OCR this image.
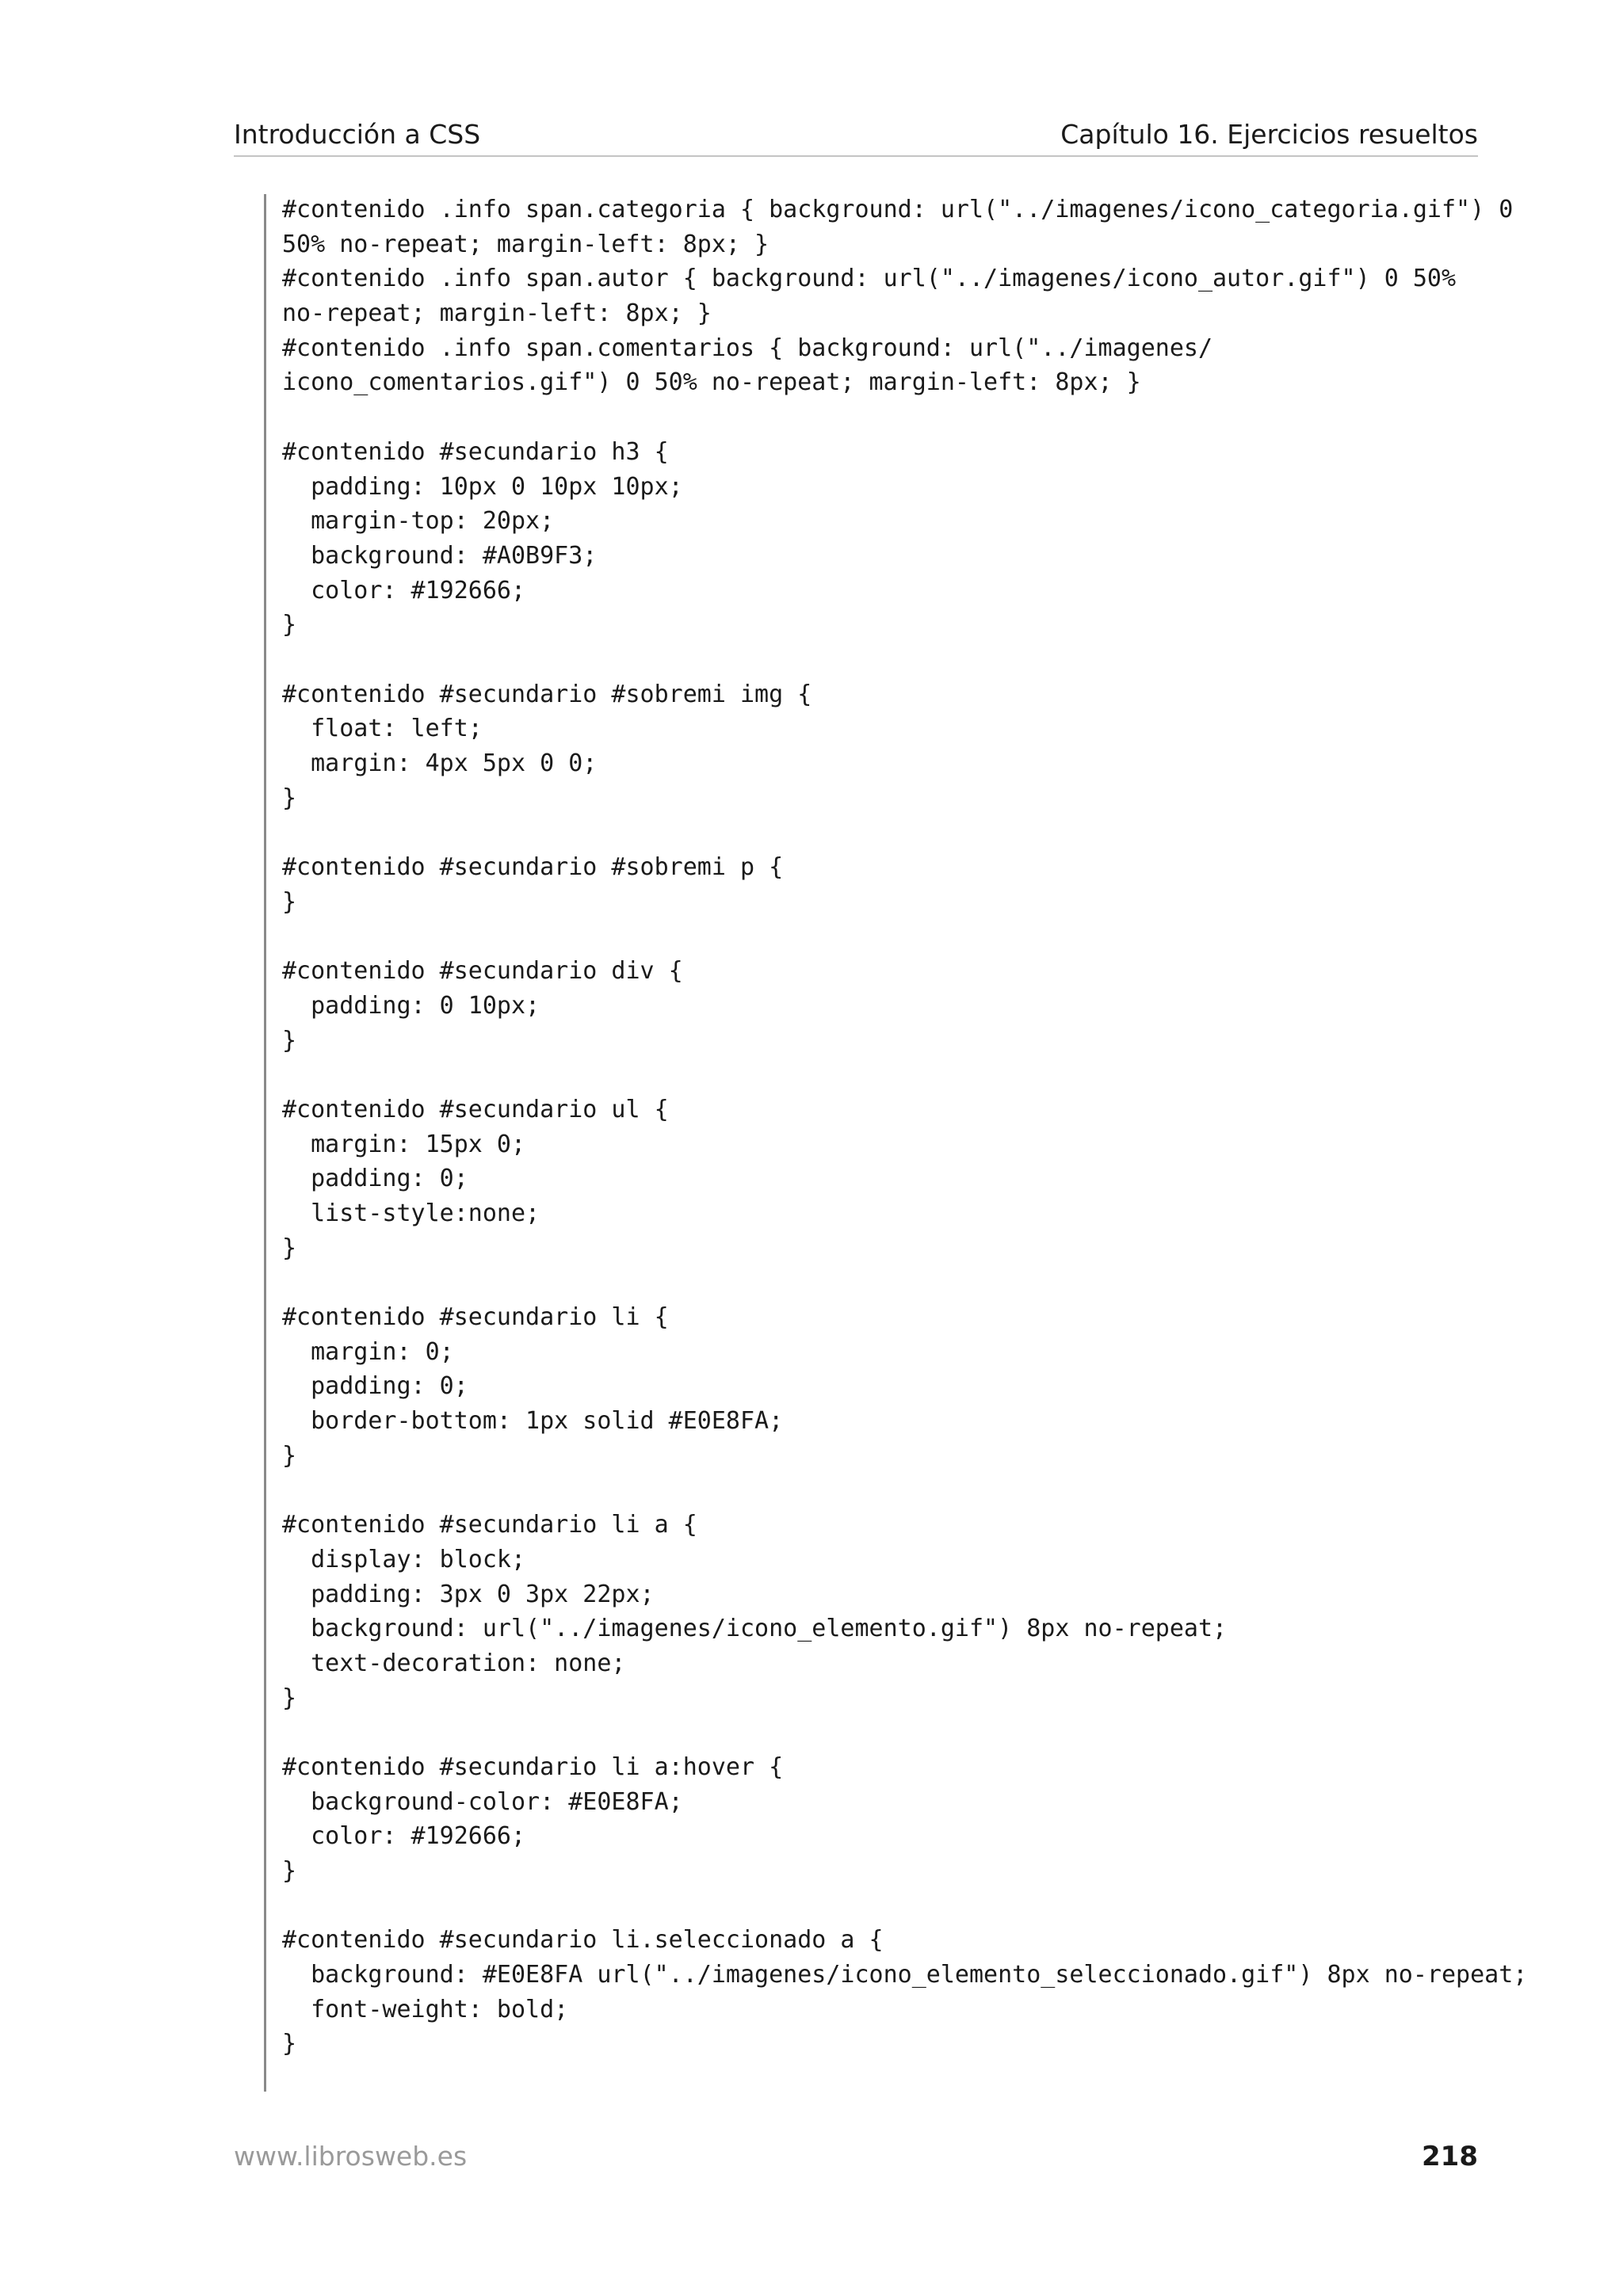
Introducción a CSS	Capítulo 16. Ejercicios resueltos
#contenido .info span.categoria { background: url("../imagenes/icono_categoria.gif") 0
50% no-repeat; margin-left: 8px; }
#contenido .info span.autor { background: url("../imagenes/icono_autor.gif") 0 50%
no-repeat; margin-left: 8px; }
#contenido .info span.comentarios { background: url("../imagenes/
icono_comentarios.gif") 0 50% no-repeat; margin-left: 8px; }
#contenido #secundario h3 {
padding: 10px 0 10px 10px;
margin-top: 20px;
background: #A0B9F3;
color: #192666;
}
#contenido #secundario #sobremi img {
float: left;
margin: 4px 5px 0 0;
}
#contenido #secundario #sobremi p {
}
#contenido #secundario div {
padding: 0 10px;
}
#contenido #secundario ul {
margin: 15px 0;
padding: 0;
list-style:none;
}
#contenido #secundario li {
margin: 0;
padding: 0;
border-bottom: 1px solid #E0E8FA;
}
#contenido #secundario li a {
display: block;
padding: 3px 0 3px 22px;
background: url("../imagenes/icono_elemento.gif") 8px no-repeat;
text-decoration: none;
}
#contenido #secundario li a:hover {
background-color: #E0E8FA;
color: #192666;
}
#contenido #secundario li.seleccionado a {
background: #E0E8FA url("../imagenes/icono_elemento_seleccionado.gif") 8px no-repeat;
font-weight: bold;
}
www.librosweb.es	218
